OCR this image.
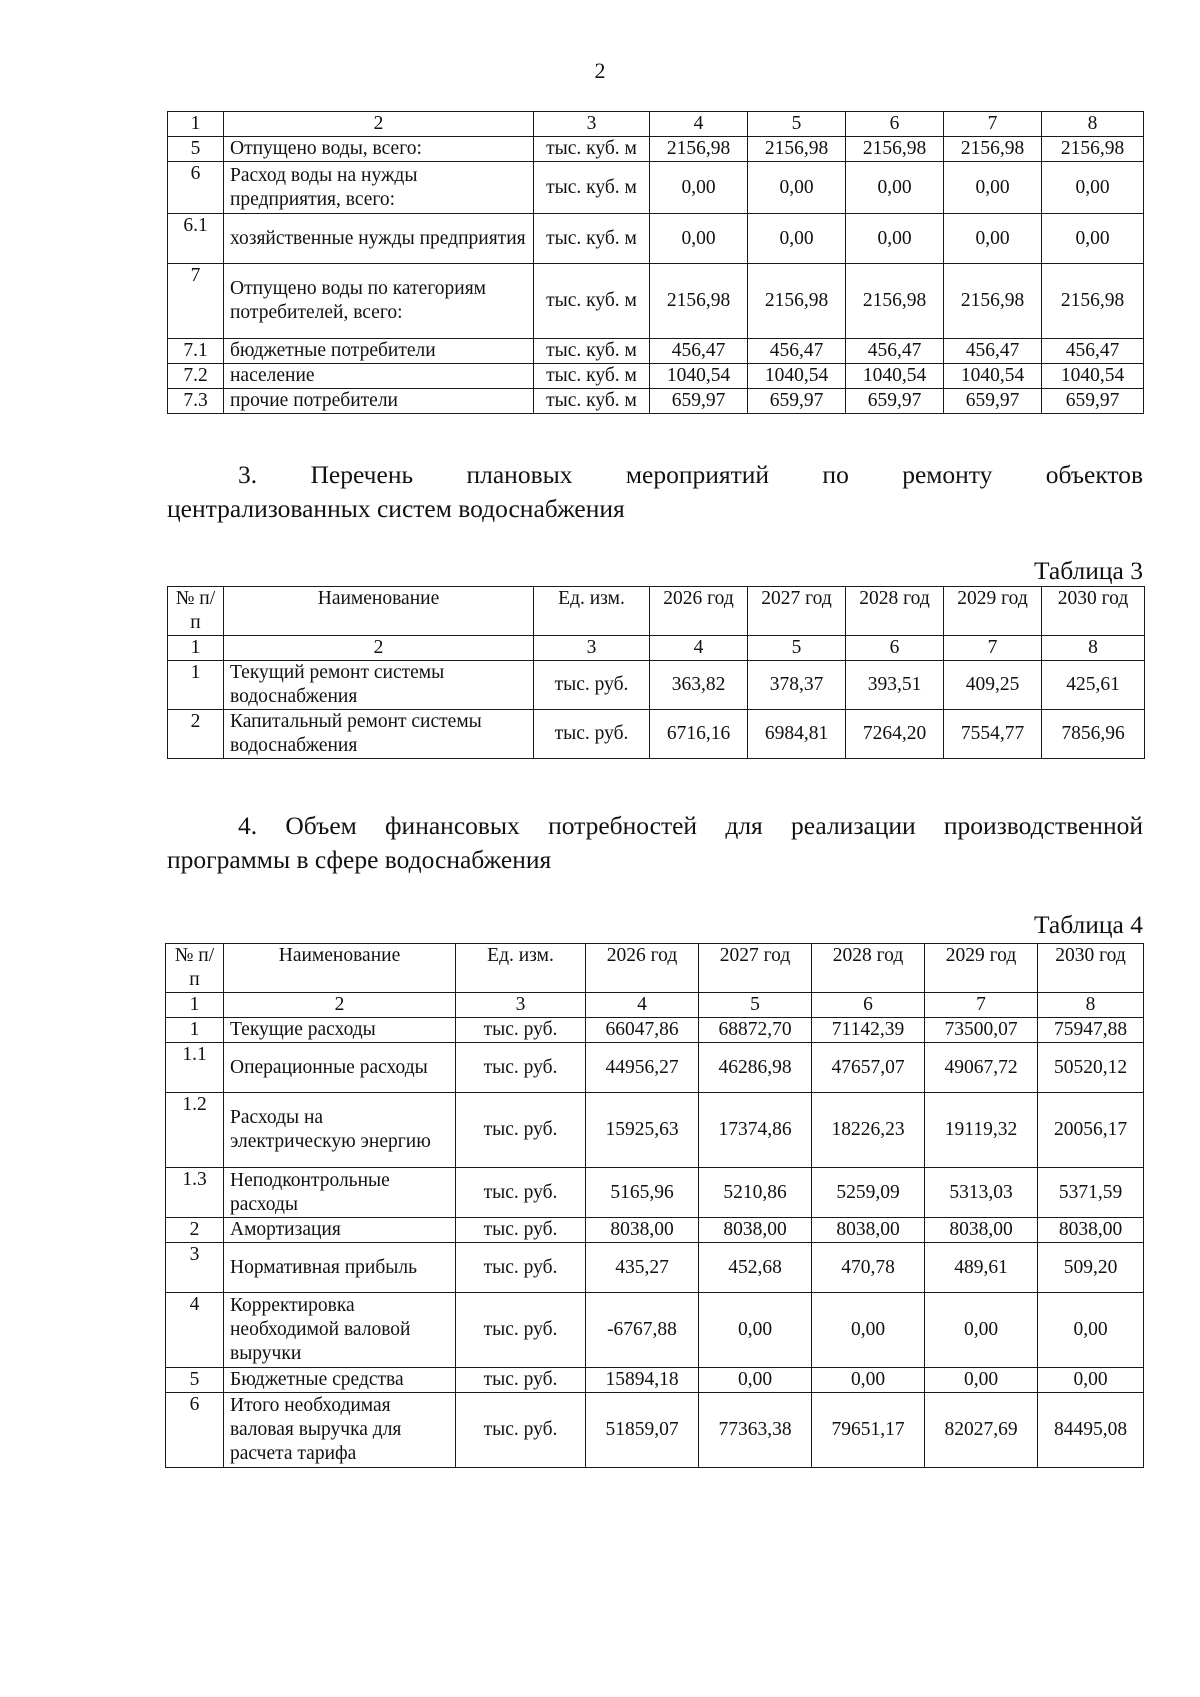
2
1	2	3	4	5	6	7	8
5	Отпущено воды, всего:	тыс. куб. м	2156,98	2156,98	2156,98	2156,98	2156,98
6	Расход воды на нужды предприятия, всего:	тыс. куб. м	0,00	0,00	0,00	0,00	0,00
6.1	хозяйственные нужды предприятия	тыс. куб. м	0,00	0,00	0,00	0,00	0,00
7	Отпущено воды по категориям потребителей, всего:	тыс. куб. м	2156,98	2156,98	2156,98	2156,98	2156,98
7.1	бюджетные потребители	тыс. куб. м	456,47	456,47	456,47	456,47	456,47
7.2	население	тыс. куб. м	1040,54	1040,54	1040,54	1040,54	1040,54
7.3	прочие потребители	тыс. куб. м	659,97	659,97	659,97	659,97	659,97
3. Перечень плановых мероприятий по ремонту объектов
централизованных систем водоснабжения
Таблица 3
№ п/п	Наименование	Ед. изм.	2026 год	2027 год	2028 год	2029 год	2030 год
1	2	3	4	5	6	7	8
1	Текущий ремонт системы водоснабжения	тыс. руб.	363,82	378,37	393,51	409,25	425,61
2	Капитальный ремонт системы водоснабжения	тыс. руб.	6716,16	6984,81	7264,20	7554,77	7856,96
4. Объем финансовых потребностей для реализации производственной
программы в сфере водоснабжения
Таблица 4
№ п/п	Наименование	Ед. изм.	2026 год	2027 год	2028 год	2029 год	2030 год
1	2	3	4	5	6	7	8
1	Текущие расходы	тыс. руб.	66047,86	68872,70	71142,39	73500,07	75947,88
1.1	Операционные расходы	тыс. руб.	44956,27	46286,98	47657,07	49067,72	50520,12
1.2	Расходы на электрическую энергию	тыс. руб.	15925,63	17374,86	18226,23	19119,32	20056,17
1.3	Неподконтрольные расходы	тыс. руб.	5165,96	5210,86	5259,09	5313,03	5371,59
2	Амортизация	тыс. руб.	8038,00	8038,00	8038,00	8038,00	8038,00
3	Нормативная прибыль	тыс. руб.	435,27	452,68	470,78	489,61	509,20
4	Корректировка необходимой валовой выручки	тыс. руб.	-6767,88	0,00	0,00	0,00	0,00
5	Бюджетные средства	тыс. руб.	15894,18	0,00	0,00	0,00	0,00
6	Итого необходимая валовая выручка для расчета тарифа	тыс. руб.	51859,07	77363,38	79651,17	82027,69	84495,08
